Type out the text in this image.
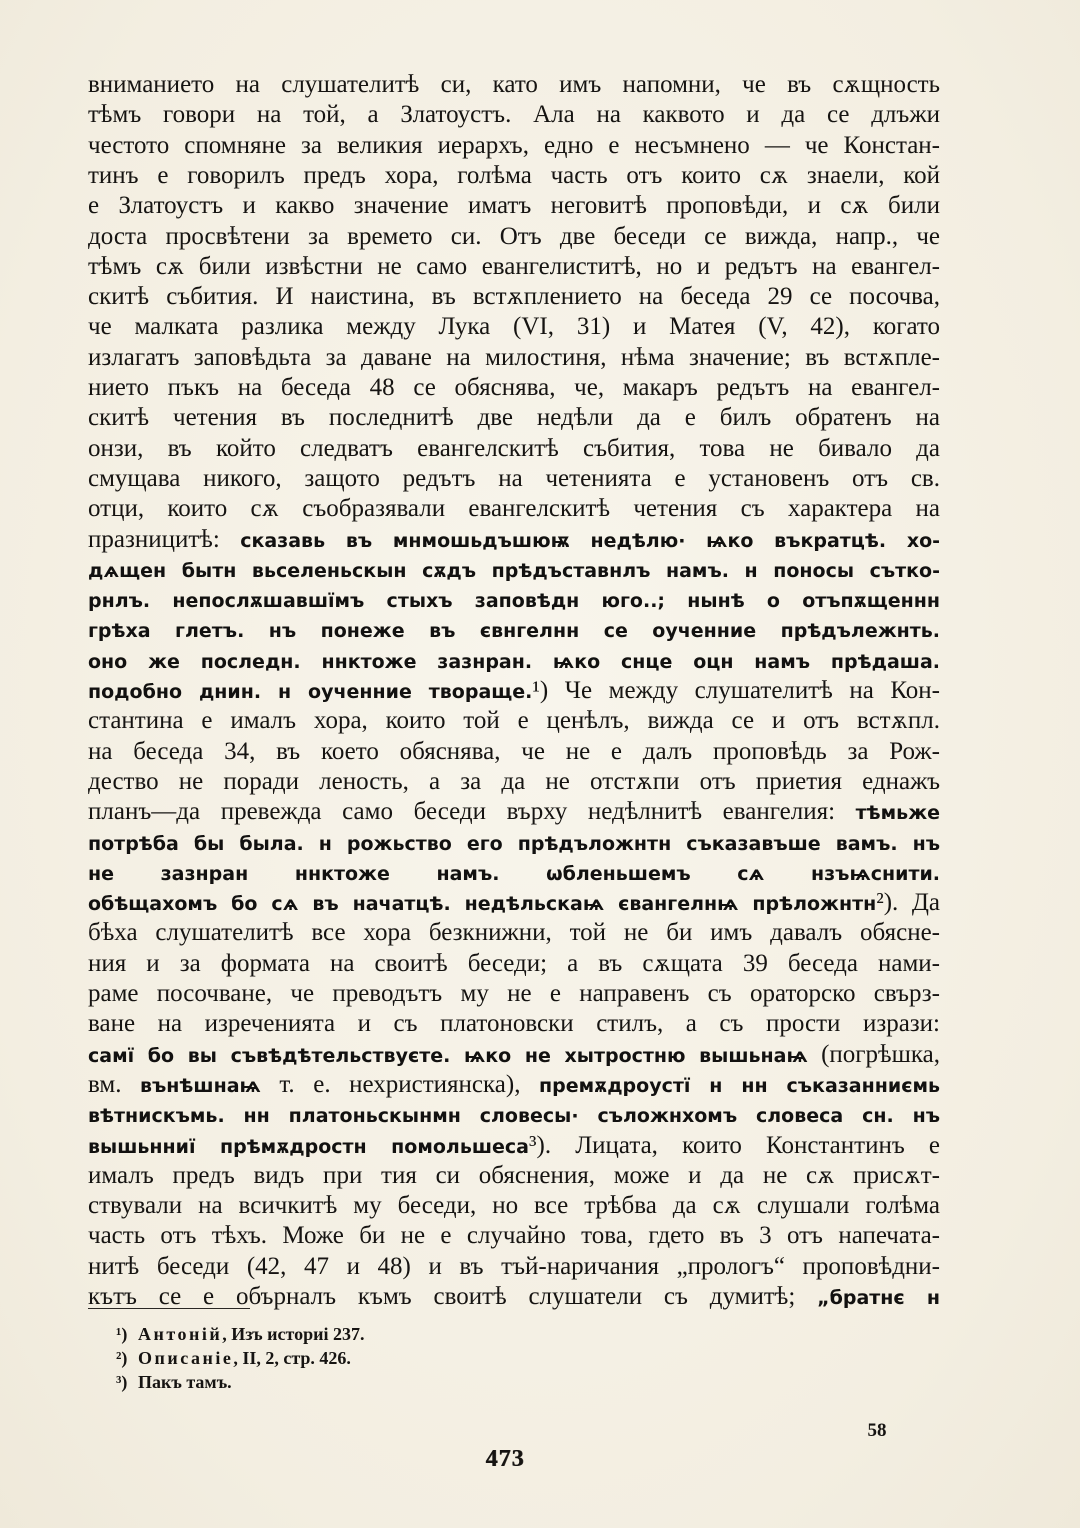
вниманието на слушателитѣ си, като имъ напомни, че въ сѫщность
тѣмъ говори на той, а Златоустъ. Ала на каквото и да се длъжи
честото спомняне за великия иерархъ, едно е несъмнено — че Констан-
тинъ е говорилъ предъ хора, голѣма часть отъ които сѫ знаели, кой
е Златоустъ и какво значение иматъ неговитѣ проповѣди, и сѫ били
доста просвѣтени за времето си. Отъ две беседи се вижда, напр., че
тѣмъ сѫ били извѣстни не само евангелиститѣ, но и редътъ на евангел-
скитѣ събития. И наистина, въ встѫплението на беседа 29 се посочва,
че малката разлика между Лука (VI, 31) и Матея (V, 42), когато
излагатъ заповѣдьта за даване на милостиня, нѣма значение; въ встѫпле-
нието пъкъ на беседа 48 се обяснява, че, макаръ редътъ на евангел-
скитѣ четения въ последнитѣ две недѣли да е билъ обратенъ на
онзи, въ който следватъ евангелскитѣ събития, това не бивало да
смущава никого, защото редътъ на четенията е установенъ отъ св.
отци, които сѫ съобразявали евангелскитѣ четения съ характера на
празницитѣ: сказавь въ мнмошьдъшюѭ недѣлю· ѩко въкратцѣ. хо-
дѧщен бытн вьселеньскын сѫдъ прѣдъставнлъ намъ. н поносы сътко-
рнлъ. непослѫшавшїмъ стыхъ заповѣдн юго..; нынѣ о отъпѫщеннн
грѣха глетъ. нъ понеже въ євнгелнн се оученние прѣдълежнть.
оно же последн. ннктоже зазнран. ѩко снце оцн намъ прѣдаша.
подобно днин. н оученние твораще.¹) Че между слушателитѣ на Кон-
стантина е ималъ хора, които той е ценѣлъ, вижда се и отъ встѫпл.
на беседа 34, въ което обяснява, че не е далъ проповѣдь за Рож-
дество не поради леность, а за да не отстѫпи отъ приетия еднажъ
планъ—да превежда само беседи върху недѣлнитѣ евангелия: тѣмьже
потрѣба бы была. н рожьство его прѣдъложнтн съказавъше вамъ. нъ
не зазнран ннктоже намъ. ѡбленьшемъ сѧ нзъѩснити.
обѣщахомъ бо сѧ въ начатцѣ. недѣльскаѩ євангелнѩ прѣложнтн²). Да
бѣха слушателитѣ все хора безкнижни, той не би имъ давалъ обясне-
ния и за формата на своитѣ беседи; а въ сѫщата 39 беседа нами-
раме посочване, че преводътъ му не е направенъ съ ораторско свърз-
ване на изреченията и съ платоновски стилъ, а съ прости изрази:
самї бо вы съвѣдѣтельствуєте. ѩко не хытростню вышьнаѩ (погрѣшка,
вм. вънѣшнаѩ т. е. нехристиянска), премѫдроустї н нн съказанниємь
вѣтнискъмь. нн платоньскынмн словесы· съложнхомъ словеса сн. нъ
вышьнниї прѣмѫдростн помольшеса³). Лицата, които Константинъ е
ималъ предъ видъ при тия си обяснения, може и да не сѫ присѫт-
ствували на всичкитѣ му беседи, но все трѣбва да сѫ слушали голѣма
часть отъ тѣхъ. Може би не е случайно това, гдето въ 3 отъ напечата-
нитѣ беседи (42, 47 и 48) и въ тъй-наричания „прологъ“ проповѣдни-
кътъ се е обърналъ къмъ своитѣ слушатели съ думитѣ; „братнє н
¹) Антоній, Изъ историі 237.
²) Описаніе, II, 2, стр. 426.
³) Пакъ тамъ.
473
58
